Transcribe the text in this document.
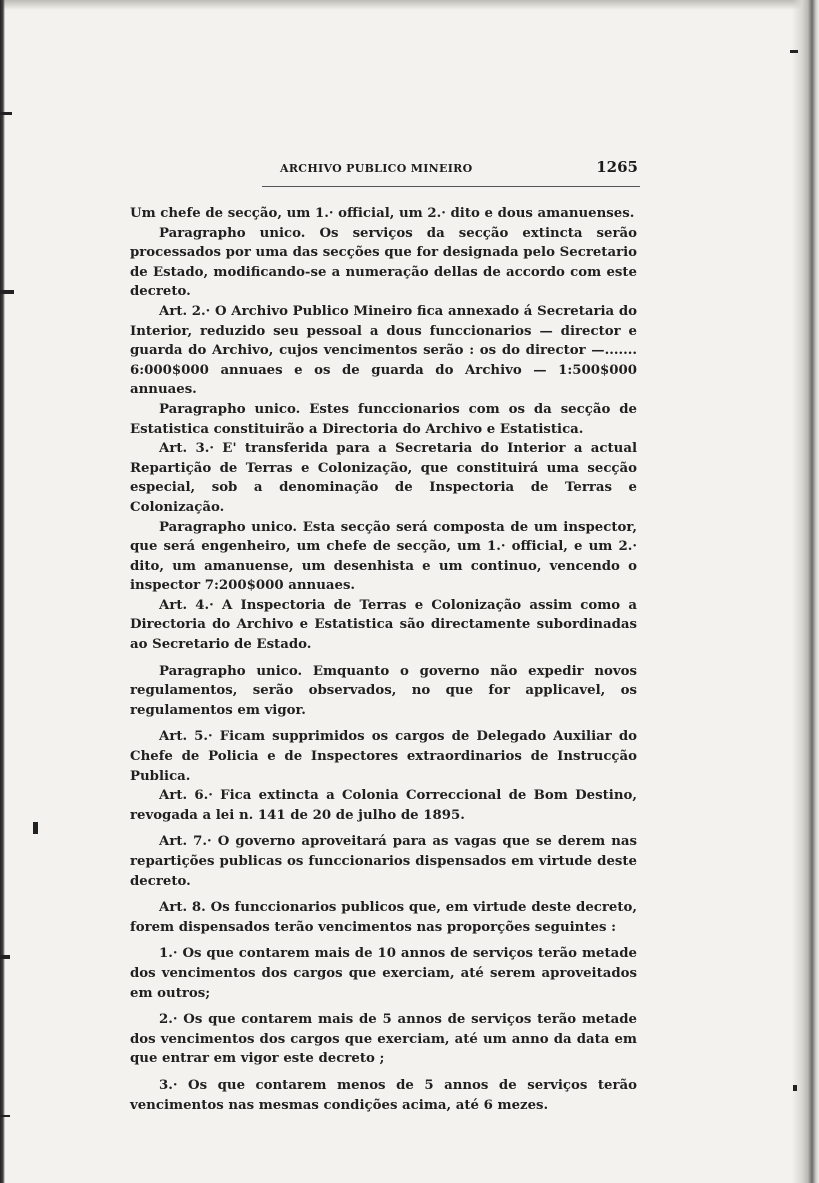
ARCHIVO PUBLICO MINEIRO	1265

Um chefe de secção, um 1.· official, um 2.· dito e dous amanuenses.

Paragrapho unico. Os serviços da secção extincta serão processados por uma das secções que for designada pelo Secretario de Estado, modificando-se a numeração dellas de accordo com este decreto.

Art. 2.· O Archivo Publico Mineiro fica annexado á Secretaria do Interior, reduzido seu pessoal a dous funccionarios — director e guarda do Archivo, cujos vencimentos serão : os do director —....... 6:000$000 annuaes e os de guarda do Archivo — 1:500$000 annuaes.

Paragrapho unico. Estes funccionarios com os da secção de Estatistica constituirão a Directoria do Archivo e Estatistica.

Art. 3.· E' transferida para a Secretaria do Interior a actual Repartição de Terras e Colonização, que constituirá uma secção especial, sob a denominação de Inspectoria de Terras e Colonização.

Paragrapho unico. Esta secção será composta de um inspector, que será engenheiro, um chefe de secção, um 1.· official, e um 2.· dito, um amanuense, um desenhista e um continuo, vencendo o inspector 7:200$000 annuaes.

Art. 4.· A Inspectoria de Terras e Colonização assim como a Directoria do Archivo e Estatistica são directamente subordinadas ao Secretario de Estado.

Paragrapho unico. Emquanto o governo não expedir novos regulamentos, serão observados, no que for applicavel, os regulamentos em vigor.

Art. 5.· Ficam supprimidos os cargos de Delegado Auxiliar do Chefe de Policia e de Inspectores extraordinarios de Instrucção Publica.

Art. 6.· Fica extincta a Colonia Correccional de Bom Destino, revogada a lei n. 141 de 20 de julho de 1895.

Art. 7.· O governo aproveitará para as vagas que se derem nas repartições publicas os funccionarios dispensados em virtude deste decreto.

Art. 8. Os funccionarios publicos que, em virtude deste decreto, forem dispensados terão vencimentos nas proporções seguintes :

1.· Os que contarem mais de 10 annos de serviços terão metade dos vencimentos dos cargos que exerciam, até serem aproveitados em outros;

2.· Os que contarem mais de 5 annos de serviços terão metade dos vencimentos dos cargos que exerciam, até um anno da data em que entrar em vigor este decreto ;

3.· Os que contarem menos de 5 annos de serviços terão vencimentos nas mesmas condições acima, até 6 mezes.
